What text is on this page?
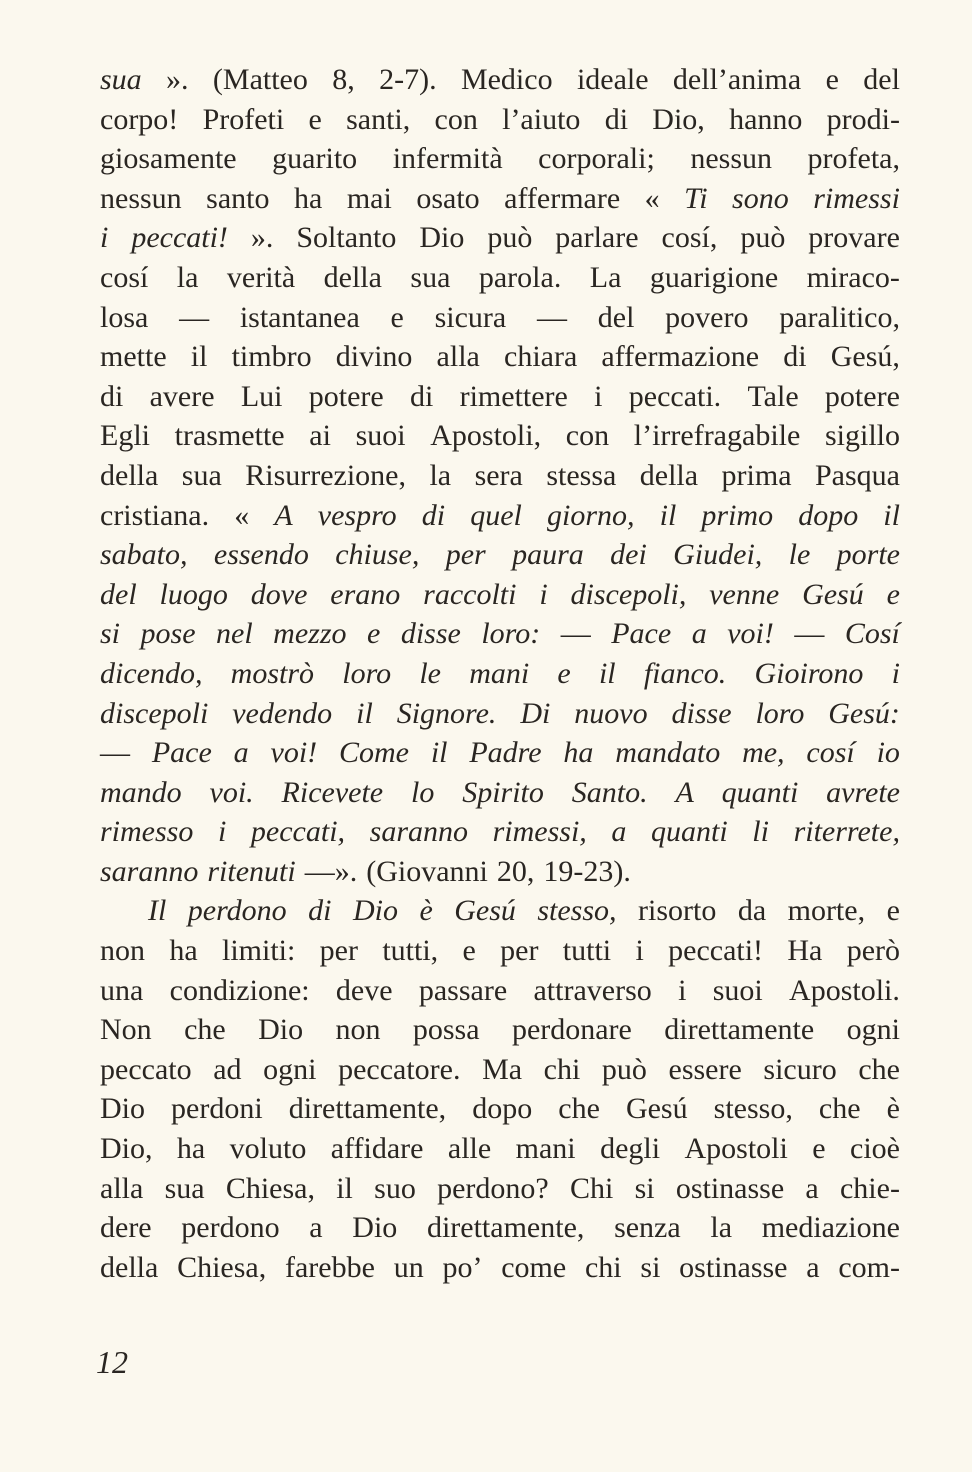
sua ». (Matteo 8, 2-7). Medico ideale dell’anima e del
corpo! Profeti e santi, con l’aiuto di Dio, hanno prodi-
giosamente guarito infermità corporali; nessun profeta,
nessun santo ha mai osato affermare « Ti sono rimessi
i peccati! ». Soltanto Dio può parlare cosí, può provare
cosí la verità della sua parola. La guarigione miraco-
losa — istantanea e sicura — del povero paralitico,
mette il timbro divino alla chiara affermazione di Gesú,
di avere Lui potere di rimettere i peccati. Tale potere
Egli trasmette ai suoi Apostoli, con l’irrefragabile sigillo
della sua Risurrezione, la sera stessa della prima Pasqua
cristiana. « A vespro di quel giorno, il primo dopo il
sabato, essendo chiuse, per paura dei Giudei, le porte
del luogo dove erano raccolti i discepoli, venne Gesú e
si pose nel mezzo e disse loro: — Pace a voi! — Cosí
dicendo, mostrò loro le mani e il fianco. Gioirono i
discepoli vedendo il Signore. Di nuovo disse loro Gesú:
— Pace a voi! Come il Padre ha mandato me, cosí io
mando voi. Ricevete lo Spirito Santo. A quanti avrete
rimesso i peccati, saranno rimessi, a quanti li riterrete,
saranno ritenuti —». (Giovanni 20, 19-23).
Il perdono di Dio è Gesú stesso, risorto da morte, e
non ha limiti: per tutti, e per tutti i peccati! Ha però
una condizione: deve passare attraverso i suoi Apostoli.
Non che Dio non possa perdonare direttamente ogni
peccato ad ogni peccatore. Ma chi può essere sicuro che
Dio perdoni direttamente, dopo che Gesú stesso, che è
Dio, ha voluto affidare alle mani degli Apostoli e cioè
alla sua Chiesa, il suo perdono? Chi si ostinasse a chie-
dere perdono a Dio direttamente, senza la mediazione
della Chiesa, farebbe un po’ come chi si ostinasse a com-
12
